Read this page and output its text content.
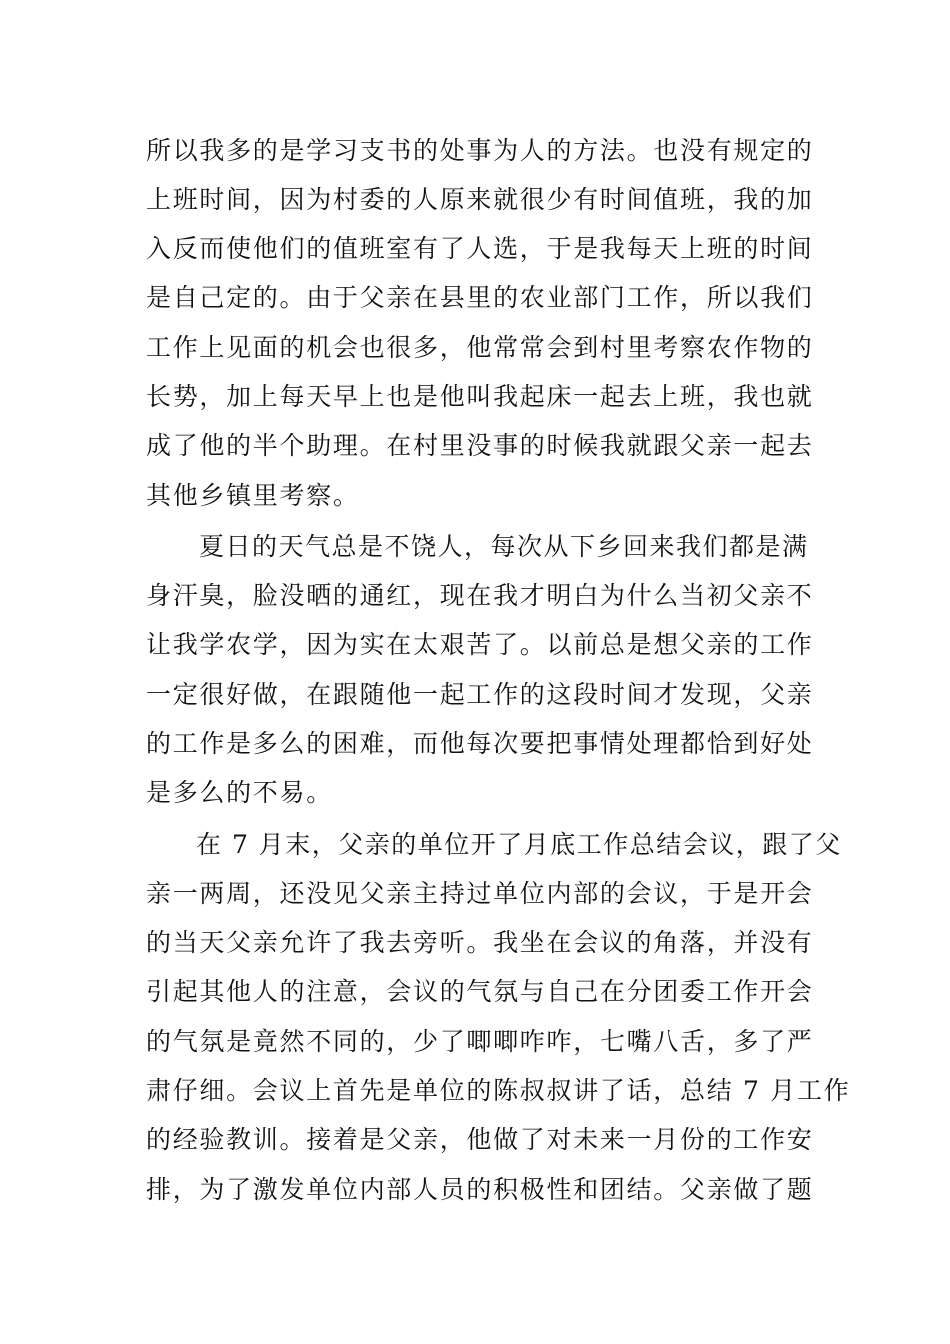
所以我多的是学习支书的处事为人的方法。也没有规定的
上班时间，因为村委的人原来就很少有时间值班，我的加
入反而使他们的值班室有了人选，于是我每天上班的时间
是自己定的。由于父亲在县里的农业部门工作，所以我们
工作上见面的机会也很多，他常常会到村里考察农作物的
长势，加上每天早上也是他叫我起床一起去上班，我也就
成了他的半个助理。在村里没事的时候我就跟父亲一起去
其他乡镇里考察。
夏日的天气总是不饶人，每次从下乡回来我们都是满
身汗臭，脸没晒的通红，现在我才明白为什么当初父亲不
让我学农学，因为实在太艰苦了。以前总是想父亲的工作
一定很好做，在跟随他一起工作的这段时间才发现，父亲
的工作是多么的困难，而他每次要把事情处理都恰到好处
是多么的不易。
在 7 月末，父亲的单位开了月底工作总结会议，跟了父
亲一两周，还没见父亲主持过单位内部的会议，于是开会
的当天父亲允许了我去旁听。我坐在会议的角落，并没有
引起其他人的注意，会议的气氛与自己在分团委工作开会
的气氛是竟然不同的，少了唧唧咋咋，七嘴八舌，多了严
肃仔细。会议上首先是单位的陈叔叔讲了话，总结 7 月工作
的经验教训。接着是父亲，他做了对未来一月份的工作安
排，为了激发单位内部人员的积极性和团结。父亲做了题
